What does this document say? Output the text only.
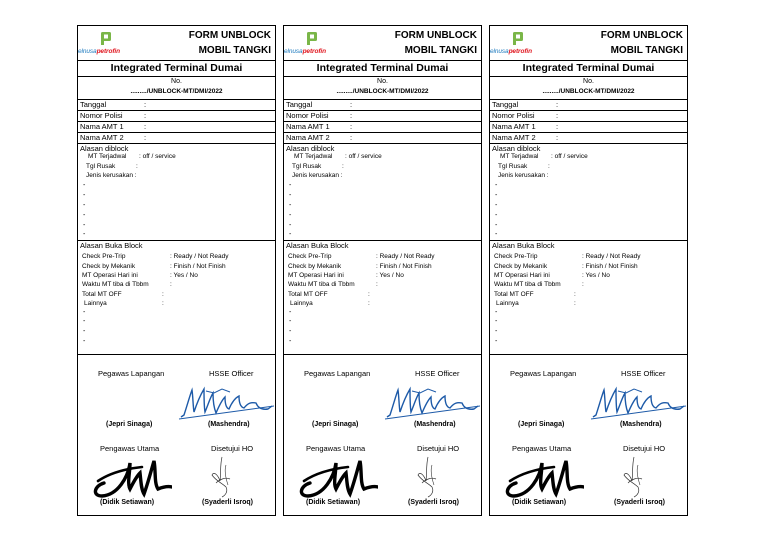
elnusapetrofin
FORM UNBLOCK
MOBIL TANGKI
Integrated Terminal Dumai
No.
........./UNBLOCK-MT/DMI/2022
Tanggal	:
Nomor Polisi	:
Nama AMT 1	:
Nama AMT 2	:
Alasan diblock
MT Terjadwal : off / service
Tgl Rusak	:
Jenis kerusakan :
-
-
-
-
-
-
Alasan Buka Block
Check Pre-Trip	: Ready / Not Ready
Check by Mekanik	: Finish / Not Finish
MT Operasi Hari ini	: Yes / No
Waktu MT tiba di Tbbm	:
Total MT OFF	:
Lainnya	:
-
-
-
-
Pegawas Lapangan	HSSE Officer
(Jepri Sinaga)	(Mashendra)
Pengawas Utama	Disetujui HO
(Didik Setiawan)	(Syaderli Isroq)
elnusapetrofin
FORM UNBLOCK
MOBIL TANGKI
Integrated Terminal Dumai
No.
........./UNBLOCK-MT/DMI/2022
Tanggal	:
Nomor Polisi	:
Nama AMT 1	:
Nama AMT 2	:
Alasan diblock
MT Terjadwal : off / service
Tgl Rusak	:
Jenis kerusakan :
-
-
-
-
-
-
Alasan Buka Block
Check Pre-Trip	: Ready / Not Ready
Check by Mekanik	: Finish / Not Finish
MT Operasi Hari ini	: Yes / No
Waktu MT tiba di Tbbm	:
Total MT OFF	:
Lainnya	:
-
-
-
-
Pegawas Lapangan	HSSE Officer
(Jepri Sinaga)	(Mashendra)
Pengawas Utama	Disetujui HO
(Didik Setiawan)	(Syaderli Isroq)
elnusapetrofin
FORM UNBLOCK
MOBIL TANGKI
Integrated Terminal Dumai
No.
........./UNBLOCK-MT/DMI/2022
Tanggal	:
Nomor Polisi	:
Nama AMT 1	:
Nama AMT 2	:
Alasan diblock
MT Terjadwal : off / service
Tgl Rusak	:
Jenis kerusakan :
-
-
-
-
-
-
Alasan Buka Block
Check Pre-Trip	: Ready / Not Ready
Check by Mekanik	: Finish / Not Finish
MT Operasi Hari ini	: Yes / No
Waktu MT tiba di Tbbm	:
Total MT OFF	:
Lainnya	:
-
-
-
-
Pegawas Lapangan	HSSE Officer
(Jepri Sinaga)	(Mashendra)
Pengawas Utama	Disetujui HO
(Didik Setiawan)	(Syaderli Isroq)
